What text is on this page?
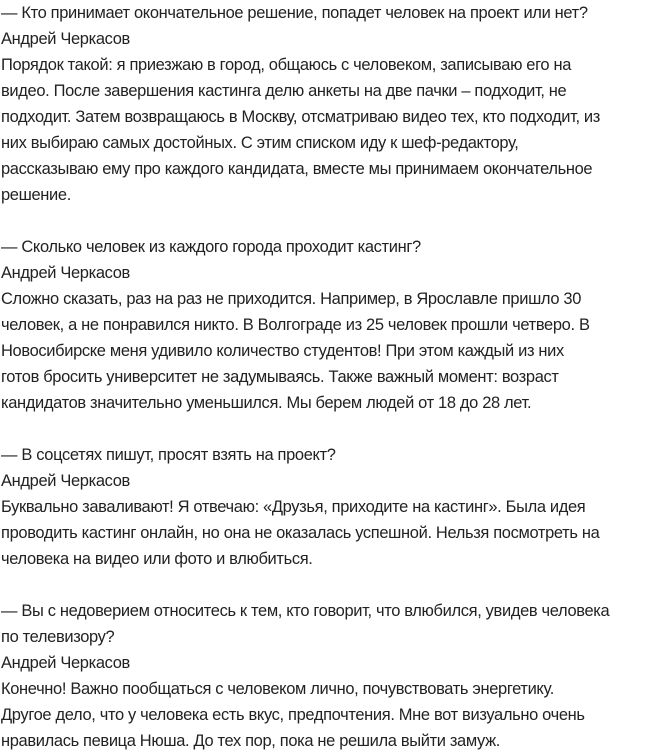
— Кто принимает окончательное решение, попадет человек на проект или нет?
Андрей Черкасов
Порядок такой: я приезжаю в город, общаюсь с человеком, записываю его на
видео. После завершения кастинга делю анкеты на две пачки – подходит, не
подходит. Затем возвращаюсь в Москву, отсматриваю видео тех, кто подходит, из
них выбираю самых достойных. С этим списком иду к шеф-редактору,
рассказываю ему про каждого кандидата, вместе мы принимаем окончательное
решение.
— Сколько человек из каждого города проходит кастинг?
Андрей Черкасов
Сложно сказать, раз на раз не приходится. Например, в Ярославле пришло 30
человек, а не понравился никто. В Волгограде из 25 человек прошли четверо. В
Новосибирске меня удивило количество студентов! При этом каждый из них
готов бросить университет не задумываясь. Также важный момент: возраст
кандидатов значительно уменьшился. Мы берем людей от 18 до 28 лет.
— В соцсетях пишут, просят взять на проект?
Андрей Черкасов
Буквально заваливают! Я отвечаю: «Друзья, приходите на кастинг». Была идея
проводить кастинг онлайн, но она не оказалась успешной. Нельзя посмотреть на
человека на видео или фото и влюбиться.
— Вы с недоверием относитесь к тем, кто говорит, что влюбился, увидев человека
по телевизору?
Андрей Черкасов
Конечно! Важно пообщаться с человеком лично, почувствовать энергетику.
Другое дело, что у человека есть вкус, предпочтения. Мне вот визуально очень
нравилась певица Нюша. До тех пор, пока не решила выйти замуж.
